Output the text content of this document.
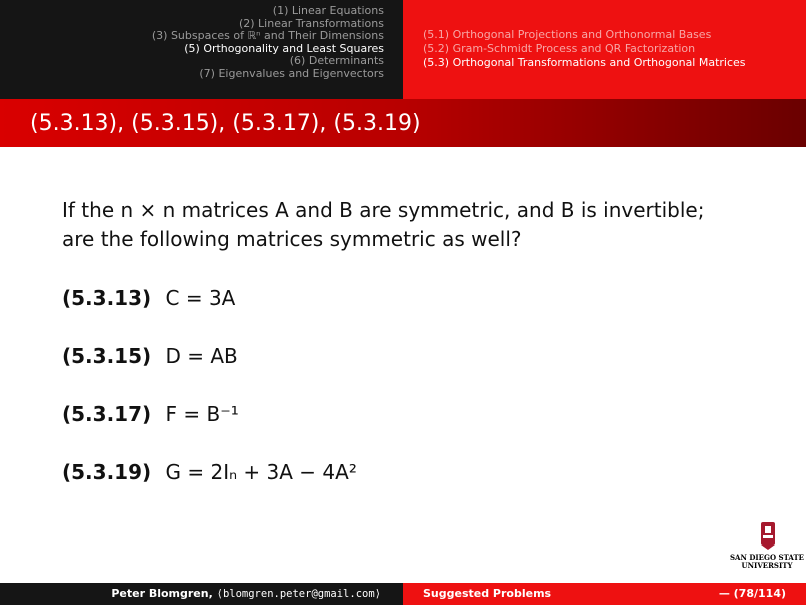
(1) Linear Equations
(2) Linear Transformations
(3) Subspaces of ℝⁿ and Their Dimensions
(5) Orthogonality and Least Squares
(6) Determinants
(7) Eigenvalues and Eigenvectors
(5.1) Orthogonal Projections and Orthonormal Bases
(5.2) Gram-Schmidt Process and QR Factorization
(5.3) Orthogonal Transformations and Orthogonal Matrices
(5.3.13), (5.3.15), (5.3.17), (5.3.19)
If the n × n matrices A and B are symmetric, and B is invertible;
are the following matrices symmetric as well?
(5.3.13) C = 3A
(5.3.15) D = AB
(5.3.17) F = B⁻¹
(5.3.19) G = 2Iₙ + 3A − 4A²
SAN DIEGO STATE
UNIVERSITY
Peter Blomgren, ⟨blomgren.peter@gmail.com⟩	Suggested Problems	— (78/114)
